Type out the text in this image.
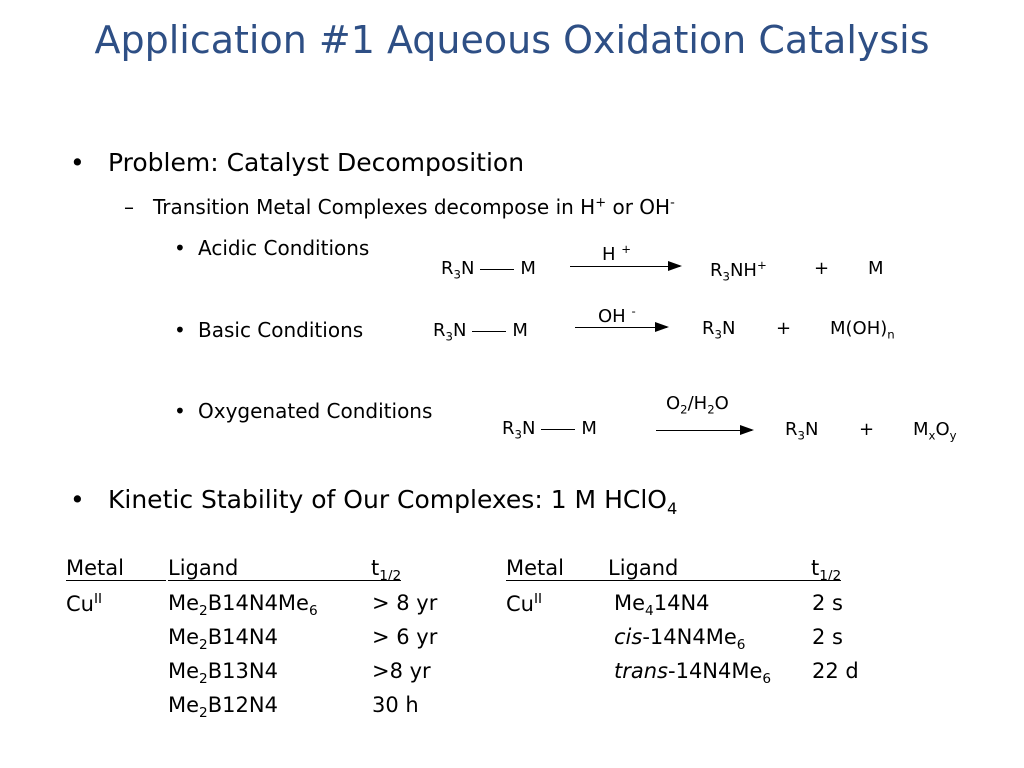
Application #1 Aqueous Oxidation Catalysis
• Problem: Catalyst Decomposition
– Transition Metal Complexes decompose in H+ or OH-
• Acidic Conditions
• Basic Conditions
• Oxygenated Conditions
$R_3N$	M
H +
$R_3NH^+$	+ M
$R_3N$	M
OH -
$R_3N + M(OH)_n$
$R_3N$	M
$O_2/H_2O$
$R_3N + M_xO_y$
• Kinetic Stability of Our Complexes: 1 M HClO$_4$
Metal	Ligand	$t_{1/2}$
$Cu^{II}$	$Me_2B14N4Me_6$	> 8 yr
$Me_2B14N4$	> 6 yr
$Me_2B13N4$	>8 yr
$Me_2B12N4$	30 h
Metal	Ligand	$t_{1/2}$
$Cu^{II}$	$Me_414N4$	2 s
cis-$14N4Me_6$	2 s
trans-$14N4Me_6$ 22 d
